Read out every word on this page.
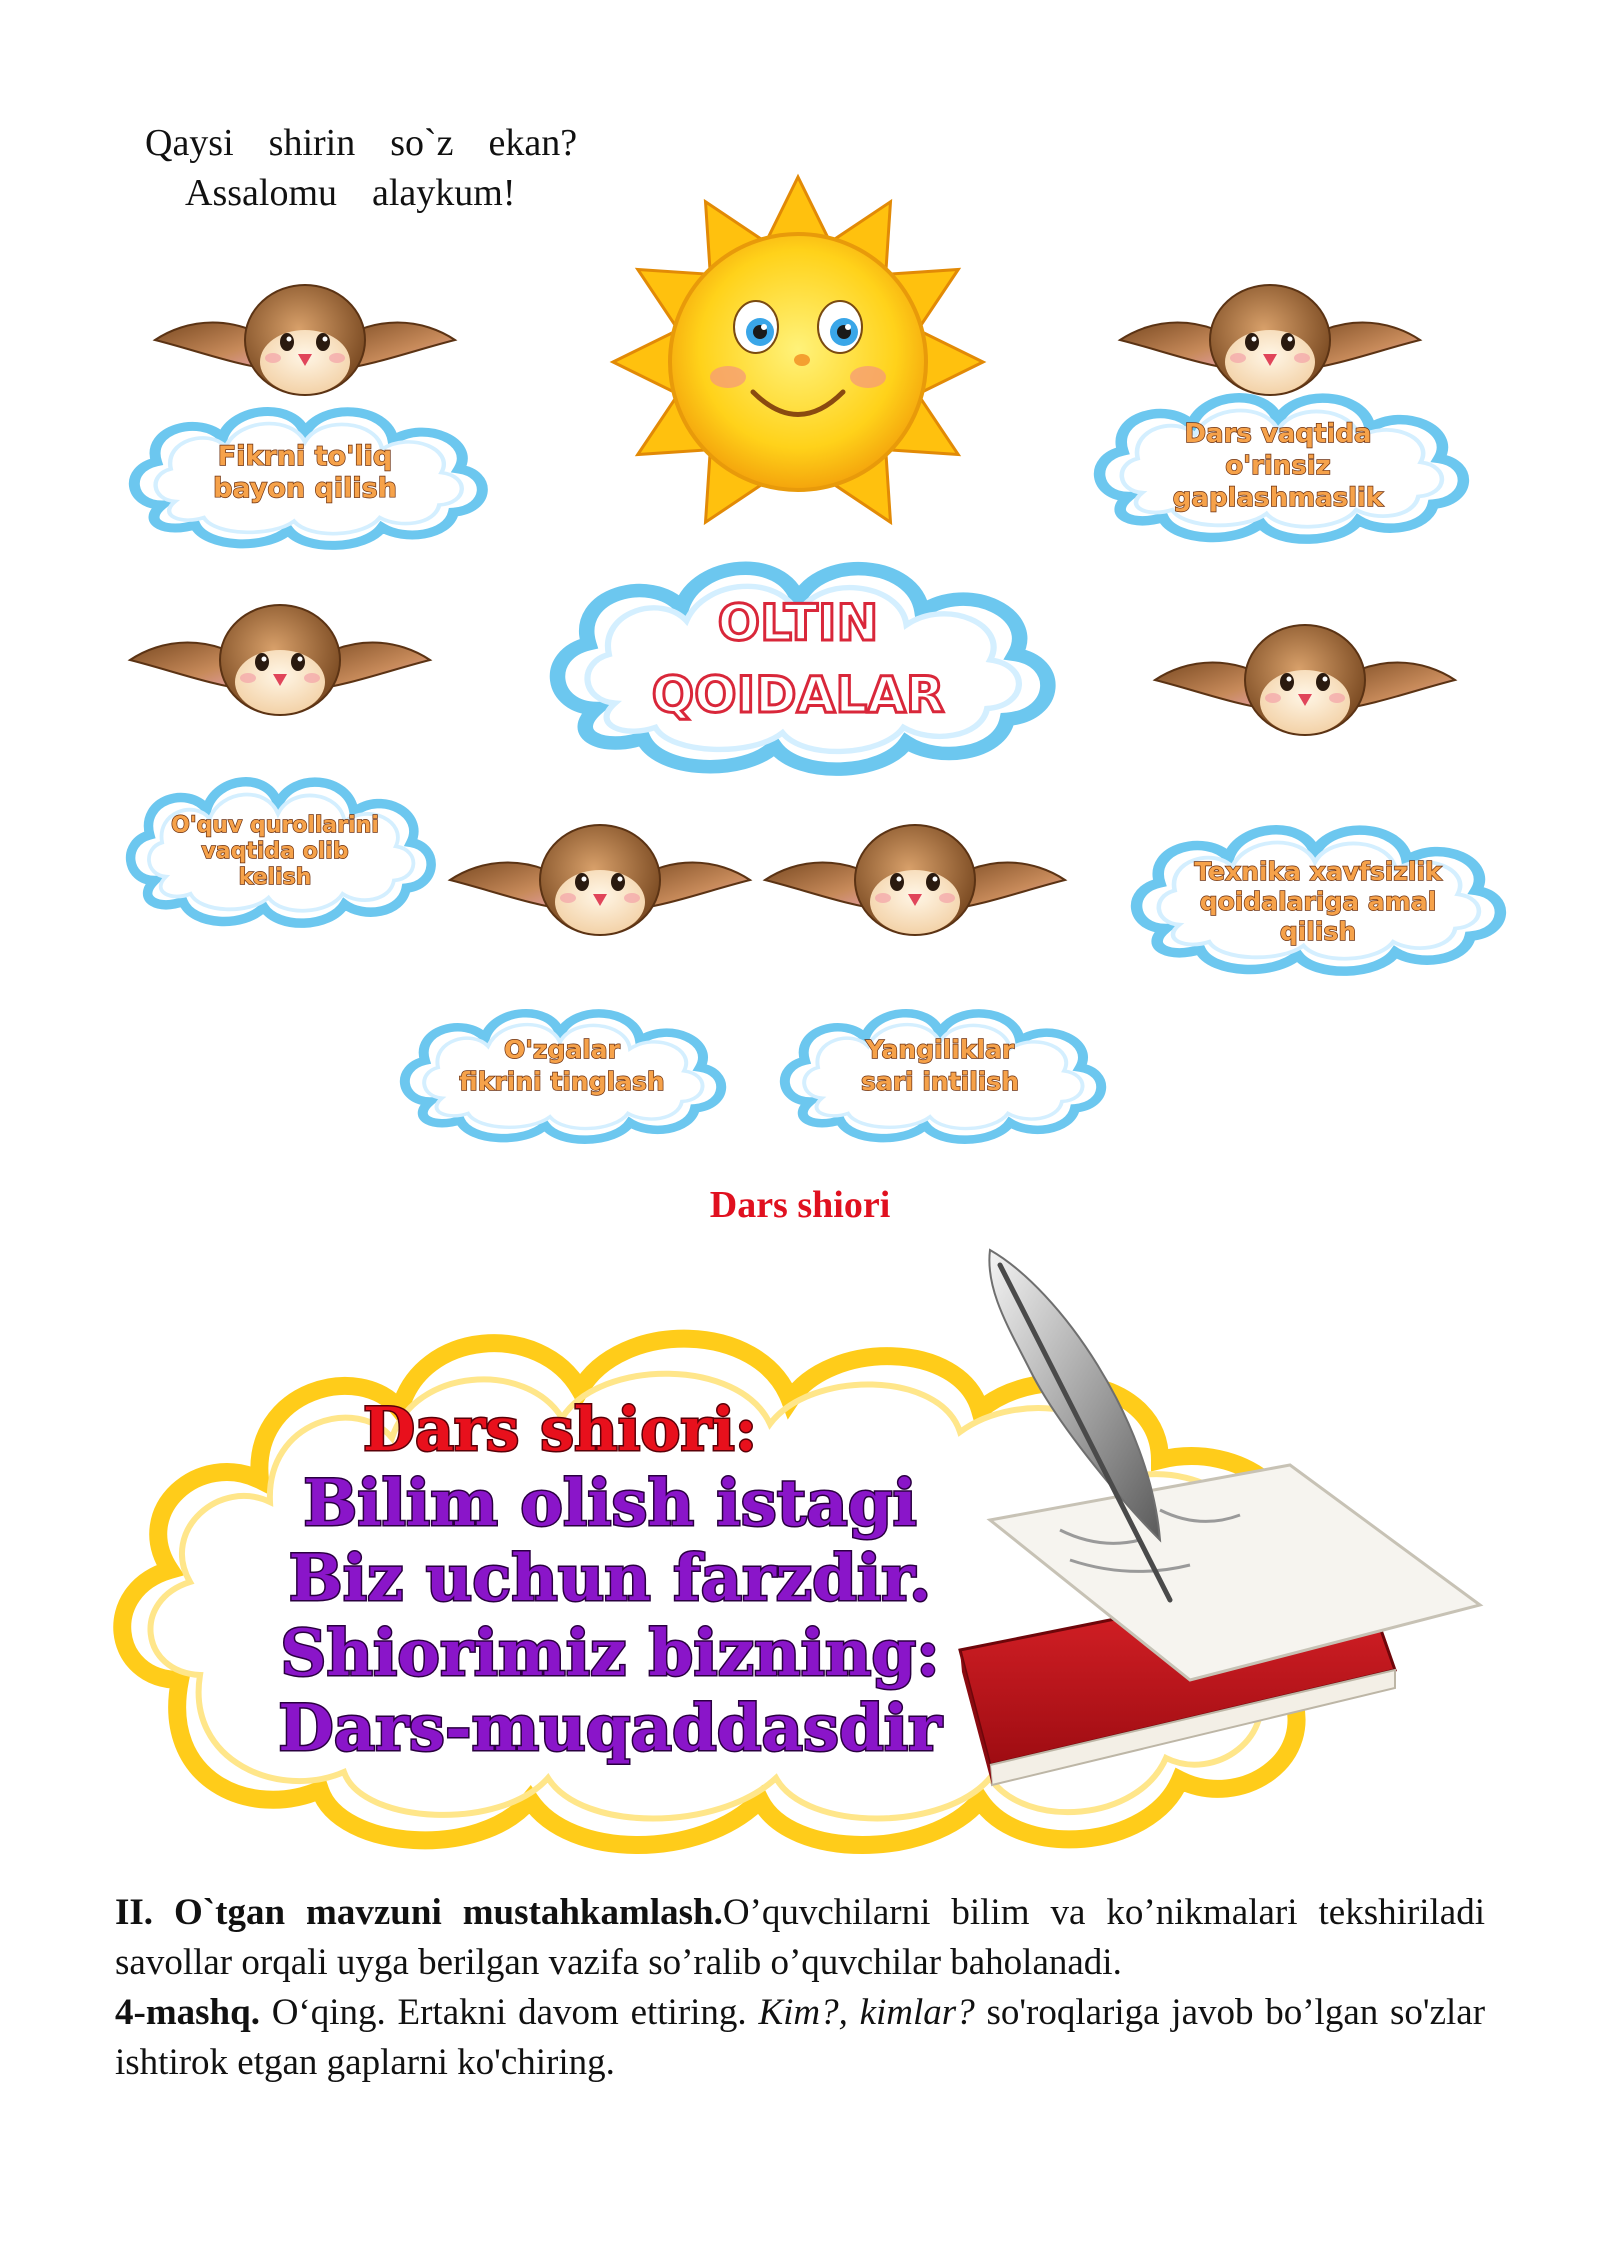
Qaysi  shirin  so`z  ekan?
Assalomu  alaykum!
OLTIN
QOIDALAR
Fikrni to'liq
bayon qilish
Dars vaqtida
o'rinsiz
gaplashmaslik
O'quv qurollarini
vaqtida olib
kelish	Texnika xavfsizlik
qoidalariga amal
qilish
O'zgalar
fikrini tinglash
Yangiliklar
sari intilish
Dars shiori
Dars shiori:
Bilim olish istagi
Biz uchun farzdir.
Shiorimiz bizning:
Dars-muqaddasdir

II. O`tgan mavzuni mustahkamlash.O’quvchilarni bilim va ko’nikmalari tekshiriladi savollar orqali uyga berilgan vazifa so’ralib o’quvchilar baholanadi.

4-mashq. O‘qing. Ertakni davom ettiring. Kim?, kimlar? so'roqlariga javob bo’lgan so'zlar ishtirok etgan gaplarni ko'chiring.
